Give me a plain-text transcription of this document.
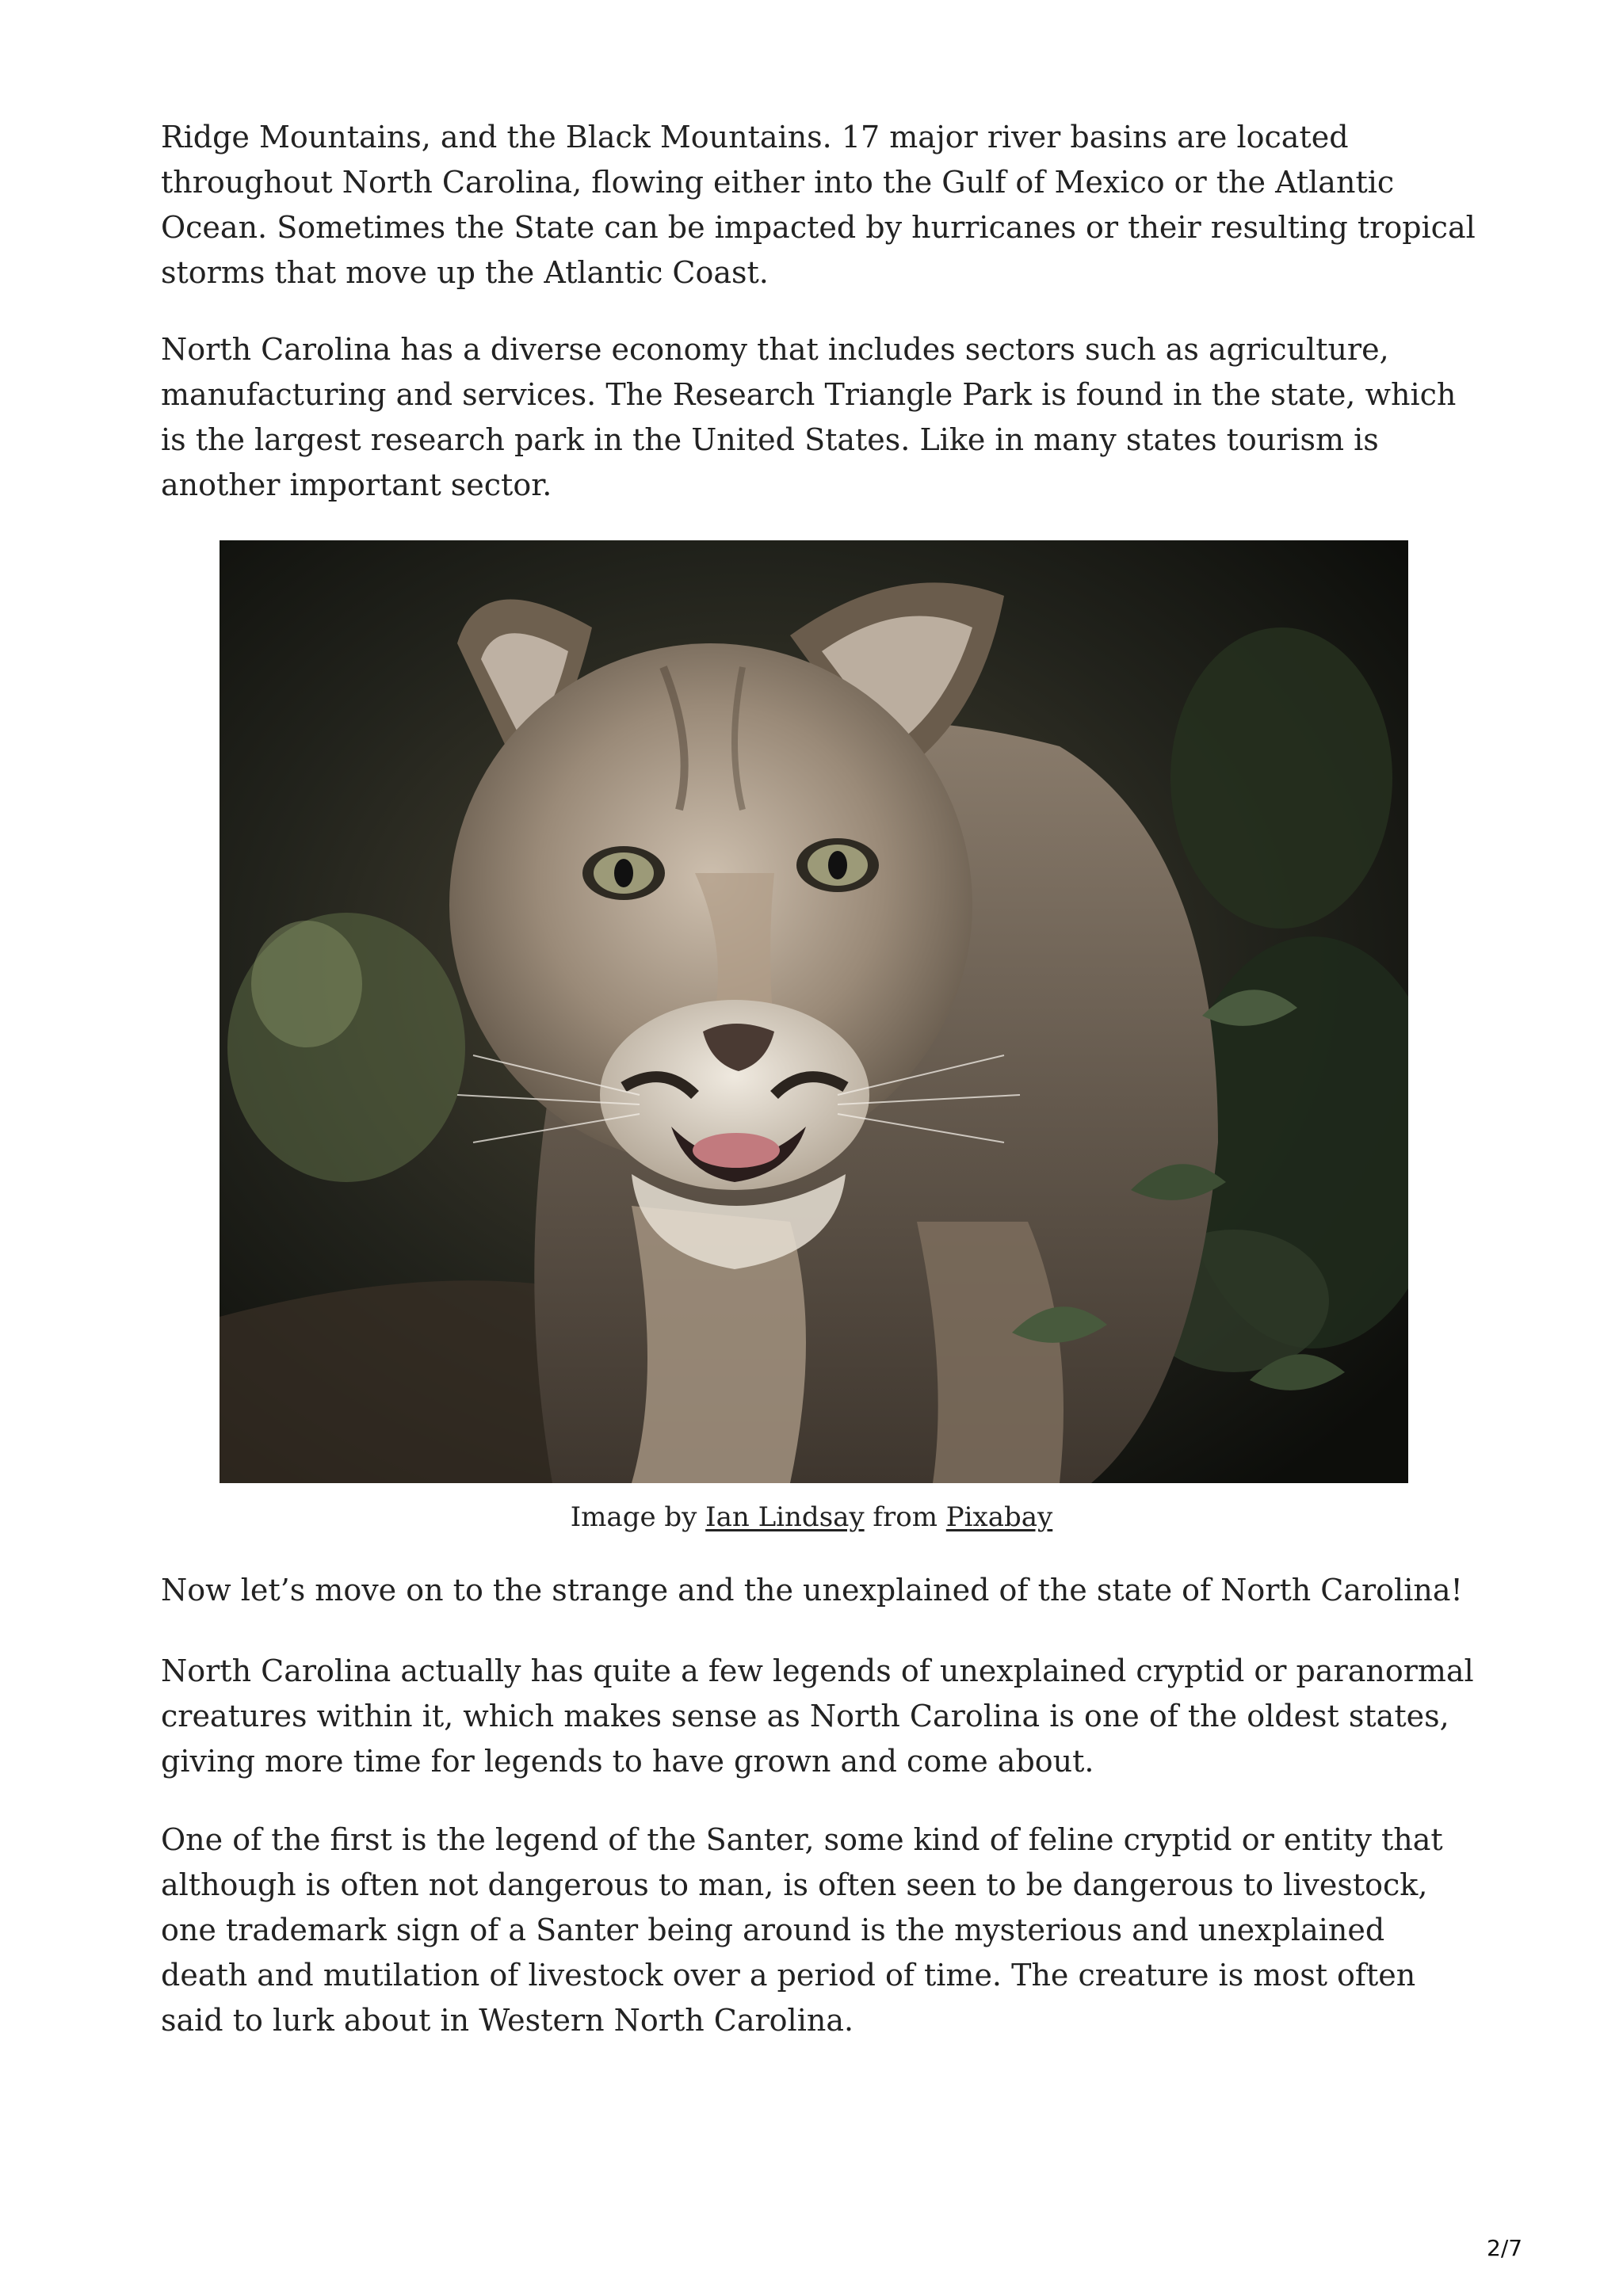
Ridge Mountains, and the Black Mountains. 17 major river basins are located throughout North Carolina, flowing either into the Gulf of Mexico or the Atlantic Ocean. Sometimes the State can be impacted by hurricanes or their resulting tropical storms that move up the Atlantic Coast.

North Carolina has a diverse economy that includes sectors such as agriculture, manufacturing and services. The Research Triangle Park is found in the state, which is the largest research park in the United States. Like in many states tourism is another important sector.

Image by Ian Lindsay from Pixabay

Now let’s move on to the strange and the unexplained of the state of North Carolina!

North Carolina actually has quite a few legends of unexplained cryptid or paranormal creatures within it, which makes sense as North Carolina is one of the oldest states, giving more time for legends to have grown and come about.

One of the first is the legend of the Santer, some kind of feline cryptid or entity that although is often not dangerous to man, is often seen to be dangerous to livestock, one trademark sign of a Santer being around is the mysterious and unexplained death and mutilation of livestock over a period of time. The creature is most often said to lurk about in Western North Carolina.

2/7
